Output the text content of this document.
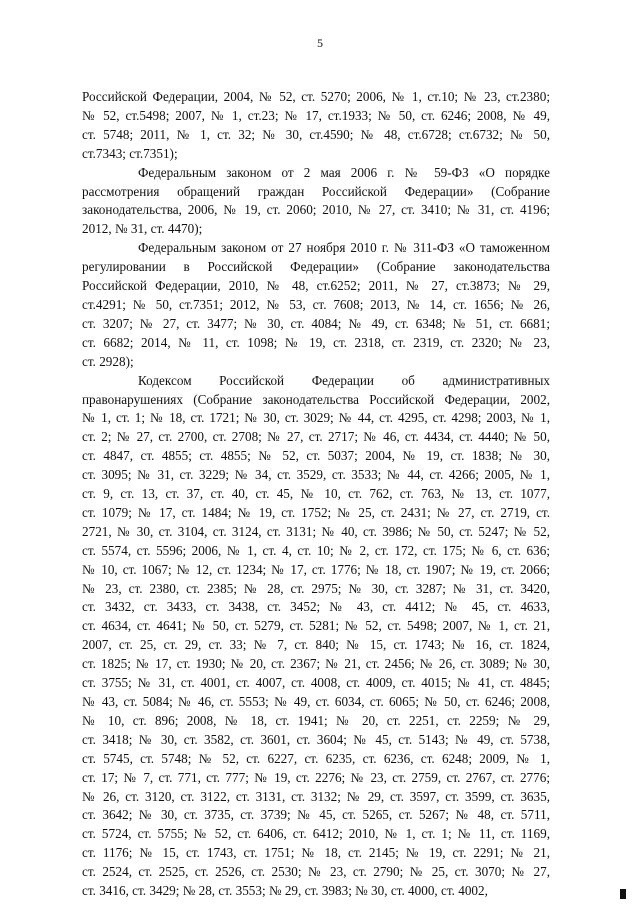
5
Российской Федерации, 2004, № 52, ст. 5270; 2006, № 1, ст.10; № 23, ст.2380;
№ 52, ст.5498; 2007, № 1, ст.23; № 17, ст.1933; № 50, ст. 6246; 2008, № 49,
ст. 5748; 2011, № 1, ст. 32; № 30, ст.4590; № 48, ст.6728; ст.6732; № 50,
ст.7343; ст.7351);
Федеральным законом от 2 мая 2006 г. № 59-ФЗ «О порядке
рассмотрения обращений граждан Российской Федерации» (Собрание
законодательства, 2006, № 19, ст. 2060; 2010, № 27, ст. 3410; № 31, ст. 4196;
2012, № 31, ст. 4470);
Федеральным законом от 27 ноября 2010 г. № 311-ФЗ «О таможенном
регулировании в Российской Федерации» (Собрание законодательства
Российской Федерации, 2010, № 48, ст.6252; 2011, № 27, ст.3873; № 29,
ст.4291; № 50, ст.7351; 2012, № 53, ст. 7608; 2013, № 14, ст. 1656; № 26,
ст. 3207; № 27, ст. 3477; № 30, ст. 4084; № 49, ст. 6348; № 51, ст. 6681;
ст. 6682; 2014, № 11, ст. 1098; № 19, ст. 2318, ст. 2319, ст. 2320; № 23,
ст. 2928);
Кодексом Российской Федерации об административных
правонарушениях (Собрание законодательства Российской Федерации, 2002,
№ 1, ст. 1; № 18, ст. 1721; № 30, ст. 3029; № 44, ст. 4295, ст. 4298; 2003, № 1,
ст. 2; № 27, ст. 2700, ст. 2708; № 27, ст. 2717; № 46, ст. 4434, ст. 4440; № 50,
ст. 4847, ст. 4855; ст. 4855; № 52, ст. 5037; 2004, № 19, ст. 1838; № 30,
ст. 3095; № 31, ст. 3229; № 34, ст. 3529, ст. 3533; № 44, ст. 4266; 2005, № 1,
ст. 9, ст. 13, ст. 37, ст. 40, ст. 45, № 10, ст. 762, ст. 763, № 13, ст. 1077,
ст. 1079; № 17, ст. 1484; № 19, ст. 1752; № 25, ст. 2431; № 27, ст. 2719, ст.
2721, № 30, ст. 3104, ст. 3124, ст. 3131; № 40, ст. 3986; № 50, ст. 5247; № 52,
ст. 5574, ст. 5596; 2006, № 1, ст. 4, ст. 10; № 2, ст. 172, ст. 175; № 6, ст. 636;
№ 10, ст. 1067; № 12, ст. 1234; № 17, ст. 1776; № 18, ст. 1907; № 19, ст. 2066;
№ 23, ст. 2380, ст. 2385; № 28, ст. 2975; № 30, ст. 3287; № 31, ст. 3420,
ст. 3432, ст. 3433, ст. 3438, ст. 3452; № 43, ст. 4412; № 45, ст. 4633,
ст. 4634, ст. 4641; № 50, ст. 5279, ст. 5281; № 52, ст. 5498; 2007, № 1, ст. 21,
2007, ст. 25, ст. 29, ст. 33; № 7, ст. 840; № 15, ст. 1743; № 16, ст. 1824,
ст. 1825; № 17, ст. 1930; № 20, ст. 2367; № 21, ст. 2456; № 26, ст. 3089; № 30,
ст. 3755; № 31, ст. 4001, ст. 4007, ст. 4008, ст. 4009, ст. 4015; № 41, ст. 4845;
№ 43, ст. 5084; № 46, ст. 5553; № 49, ст. 6034, ст. 6065; № 50, ст. 6246; 2008,
№ 10, ст. 896; 2008, № 18, ст. 1941; № 20, ст. 2251, ст. 2259; № 29,
ст. 3418; № 30, ст. 3582, ст. 3601, ст. 3604; № 45, ст. 5143; № 49, ст. 5738,
ст. 5745, ст. 5748; № 52, ст. 6227, ст. 6235, ст. 6236, ст. 6248; 2009, № 1,
ст. 17; № 7, ст. 771, ст. 777; № 19, ст. 2276; № 23, ст. 2759, ст. 2767, ст. 2776;
№ 26, ст. 3120, ст. 3122, ст. 3131, ст. 3132; № 29, ст. 3597, ст. 3599, ст. 3635,
ст. 3642; № 30, ст. 3735, ст. 3739; № 45, ст. 5265, ст. 5267; № 48, ст. 5711,
ст. 5724, ст. 5755; № 52, ст. 6406, ст. 6412; 2010, № 1, ст. 1; № 11, ст. 1169,
ст. 1176; № 15, ст. 1743, ст. 1751; № 18, ст. 2145; № 19, ст. 2291; № 21,
ст. 2524, ст. 2525, ст. 2526, ст. 2530; № 23, ст. 2790; № 25, ст. 3070; № 27,
ст. 3416, ст. 3429; № 28, ст. 3553; № 29, ст. 3983; № 30, ст. 4000, ст. 4002,
